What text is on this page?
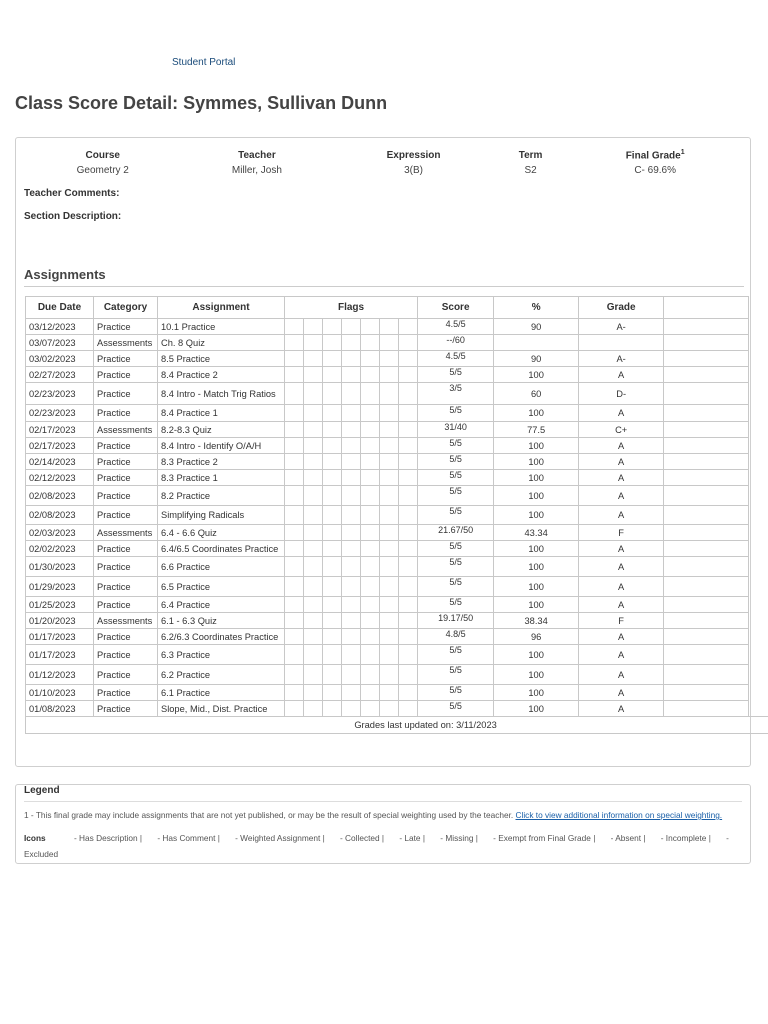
Student Portal
Class Score Detail: Symmes, Sullivan Dunn
Course	Teacher	Expression	Term	Final Grade$^1$
Geometry 2	Miller, Josh	3(B)	S2	C- 69.6%
Teacher Comments:
Section Description:
Assignments
Due Date	Category	Assignment	Flags							Score	%	Grade	
03/12/2023	Practice	10.1 Practice								4.5/5	90	A-	
03/07/2023	Assessments	Ch. 8 Quiz								--/60			
03/02/2023	Practice	8.5 Practice								4.5/5	90	A-	
02/27/2023	Practice	8.4 Practice 2								5/5	100	A	
02/23/2023	Practice	8.4 Intro - Match Trig Ratios								3/5	60	D-	
02/23/2023	Practice	8.4 Practice 1								5/5	100	A	
02/17/2023	Assessments	8.2-8.3 Quiz								31/40	77.5	C+	
02/17/2023	Practice	8.4 Intro - Identify O/A/H								5/5	100	A	
02/14/2023	Practice	8.3 Practice 2								5/5	100	A	
02/12/2023	Practice	8.3 Practice 1								5/5	100	A	
02/08/2023	Practice	8.2 Practice								5/5	100	A	
02/08/2023	Practice	Simplifying Radicals								5/5	100	A	
02/03/2023	Assessments	6.4 - 6.6 Quiz								21.67/50	43.34	F	
02/02/2023	Practice	6.4/6.5 Coordinates Practice								5/5	100	A	
01/30/2023	Practice	6.6 Practice								5/5	100	A	
01/29/2023	Practice	6.5 Practice								5/5	100	A	
01/25/2023	Practice	6.4 Practice								5/5	100	A	
01/20/2023	Assessments	6.1 - 6.3 Quiz								19.17/50	38.34	F	
01/17/2023	Practice	6.2/6.3 Coordinates Practice								4.8/5	96	A	
01/17/2023	Practice	6.3 Practice								5/5	100	A	
01/12/2023	Practice	6.2 Practice								5/5	100	A	
01/10/2023	Practice	6.1 Practice								5/5	100	A	
01/08/2023	Practice	Slope, Mid., Dist. Practice								5/5	100	A	
Grades last updated on: 3/11/2023													
Legend

1 - This final grade may include assignments that are not yet published, or may be the result of special weighting used by the teacher. Click to view additional information on special weighting.

Icons	- Has Description | - Has Comment | - Weighted Assignment | - Collected | - Late | - Missing | - Exempt from Final Grade | - Absent | - Incomplete | - Excluded
